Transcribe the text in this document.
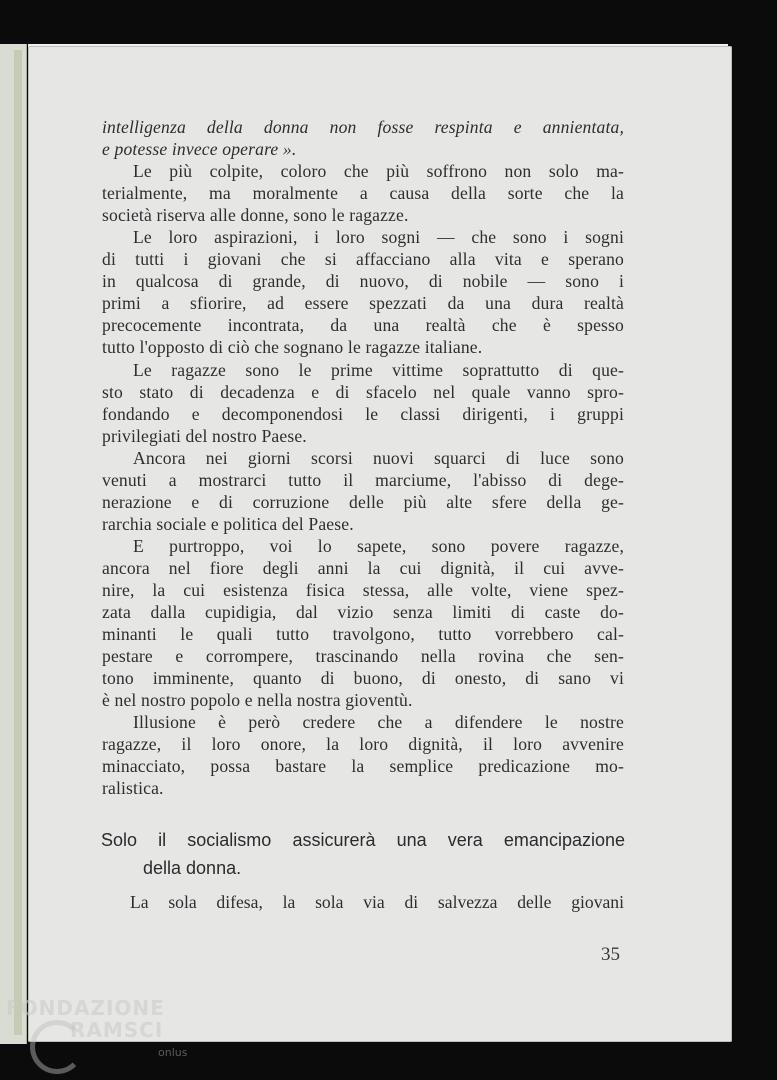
intelligenza della donna non fosse respinta e annientata,
e potesse invece operare ».
Le più colpite, coloro che più soffrono non solo ma-
terialmente, ma moralmente a causa della sorte che la
società riserva alle donne, sono le ragazze.
Le loro aspirazioni, i loro sogni — che sono i sogni
di tutti i giovani che si affacciano alla vita e sperano
in qualcosa di grande, di nuovo, di nobile — sono i
primi a sfiorire, ad essere spezzati da una dura realtà
precocemente incontrata, da una realtà che è spesso
tutto l'opposto di ciò che sognano le ragazze italiane.
Le ragazze sono le prime vittime soprattutto di que-
sto stato di decadenza e di sfacelo nel quale vanno spro-
fondando e decomponendosi le classi dirigenti, i gruppi
privilegiati del nostro Paese.
Ancora nei giorni scorsi nuovi squarci di luce sono
venuti a mostrarci tutto il marciume, l'abisso di dege-
nerazione e di corruzione delle più alte sfere della ge-
rarchia sociale e politica del Paese.
E purtroppo, voi lo sapete, sono povere ragazze,
ancora nel fiore degli anni la cui dignità, il cui avve-
nire, la cui esistenza fisica stessa, alle volte, viene spez-
zata dalla cupidigia, dal vizio senza limiti di caste do-
minanti le quali tutto travolgono, tutto vorrebbero cal-
pestare e corrompere, trascinando nella rovina che sen-
tono imminente, quanto di buono, di onesto, di sano vi
è nel nostro popolo e nella nostra gioventù.
Illusione è però credere che a difendere le nostre
ragazze, il loro onore, la loro dignità, il loro avvenire
minacciato, possa bastare la semplice predicazione mo-
ralistica.
Solo il socialismo assicurerà una vera emancipazione
della donna.
La sola difesa, la sola via di salvezza delle giovani
35
FONDAZIONE
RAMSCI
onlus
